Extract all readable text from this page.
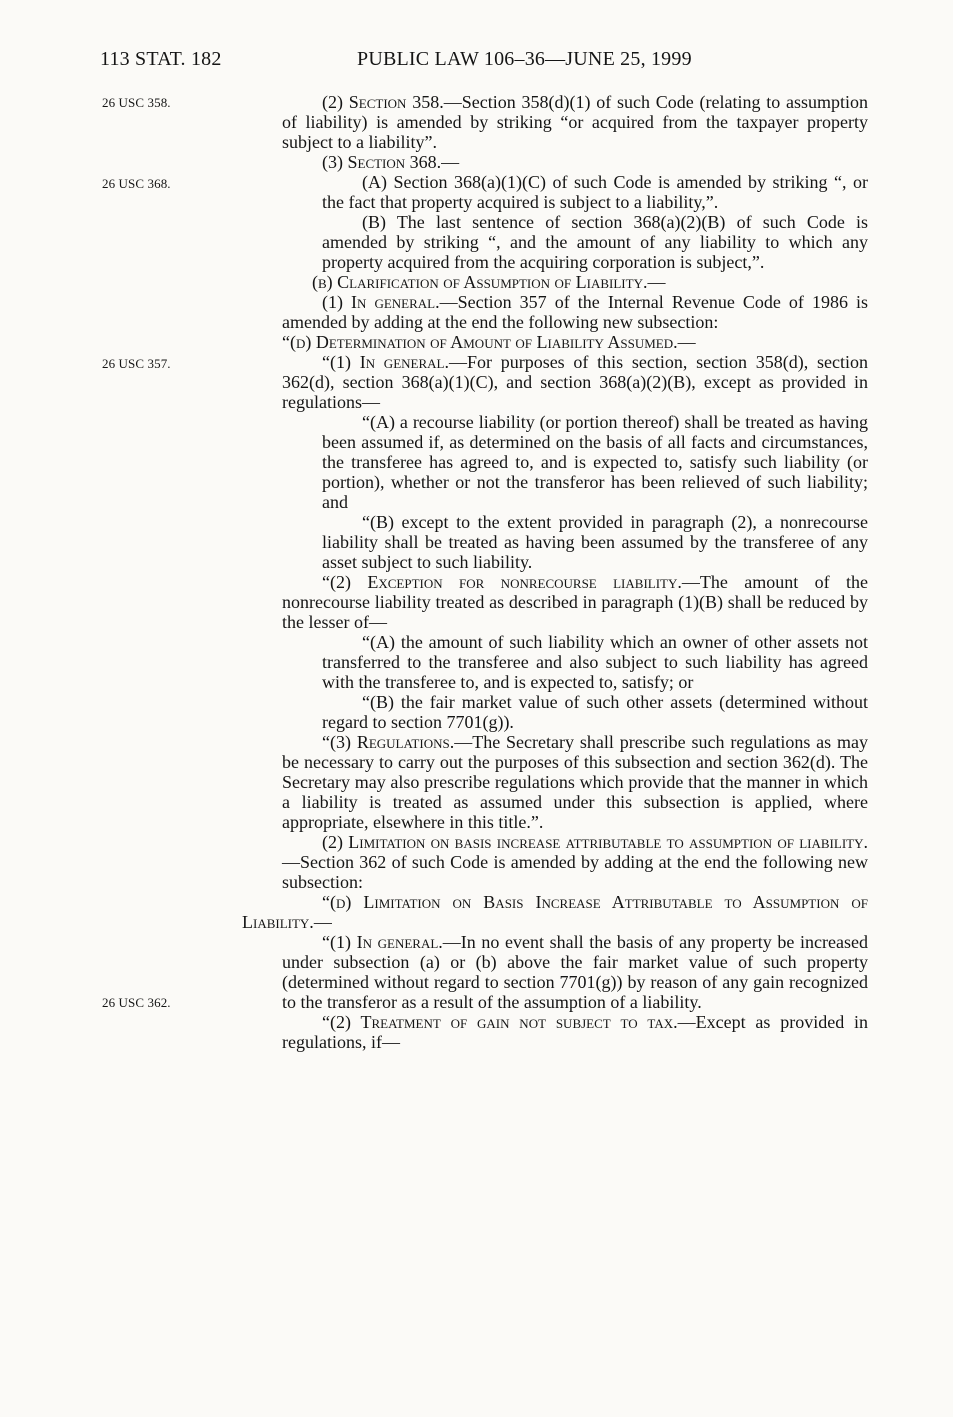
113 STAT. 182	PUBLIC LAW 106–36—JUNE 25, 1999
26 USC 358.
26 USC 368.
26 USC 357.
26 USC 362.

(2) Section 358.—Section 358(d)(1) of such Code (relating to assumption of liability) is amended by striking “or acquired from the taxpayer property subject to a liability”.

(3) Section 368.—

(A) Section 368(a)(1)(C) of such Code is amended by striking “, or the fact that property acquired is subject to a liability,”.

(B) The last sentence of section 368(a)(2)(B) of such Code is amended by striking “, and the amount of any liability to which any property acquired from the acquiring corporation is subject,”.

(b) Clarification of Assumption of Liability.—

(1) In general.—Section 357 of the Internal Revenue Code of 1986 is amended by adding at the end the following new subsection:

“(d) Determination of Amount of Liability Assumed.—

“(1) In general.—For purposes of this section, section 358(d), section 362(d), section 368(a)(1)(C), and section 368(a)(2)(B), except as provided in regulations—

“(A) a recourse liability (or portion thereof) shall be treated as having been assumed if, as determined on the basis of all facts and circumstances, the transferee has agreed to, and is expected to, satisfy such liability (or portion), whether or not the transferor has been relieved of such liability; and

“(B) except to the extent provided in paragraph (2), a nonrecourse liability shall be treated as having been assumed by the transferee of any asset subject to such liability.

“(2) Exception for nonrecourse liability.—The amount of the nonrecourse liability treated as described in paragraph (1)(B) shall be reduced by the lesser of—

“(A) the amount of such liability which an owner of other assets not transferred to the transferee and also subject to such liability has agreed with the transferee to, and is expected to, satisfy; or

“(B) the fair market value of such other assets (determined without regard to section 7701(g)).

“(3) Regulations.—The Secretary shall prescribe such regulations as may be necessary to carry out the purposes of this subsection and section 362(d). The Secretary may also prescribe regulations which provide that the manner in which a liability is treated as assumed under this subsection is applied, where appropriate, elsewhere in this title.”.

(2) Limitation on basis increase attributable to assumption of liability.—Section 362 of such Code is amended by adding at the end the following new subsection:

“(d) Limitation on Basis Increase Attributable to Assumption of Liability.—

“(1) In general.—In no event shall the basis of any property be increased under subsection (a) or (b) above the fair market value of such property (determined without regard to section 7701(g)) by reason of any gain recognized to the transferor as a result of the assumption of a liability.

“(2) Treatment of gain not subject to tax.—Except as provided in regulations, if—
